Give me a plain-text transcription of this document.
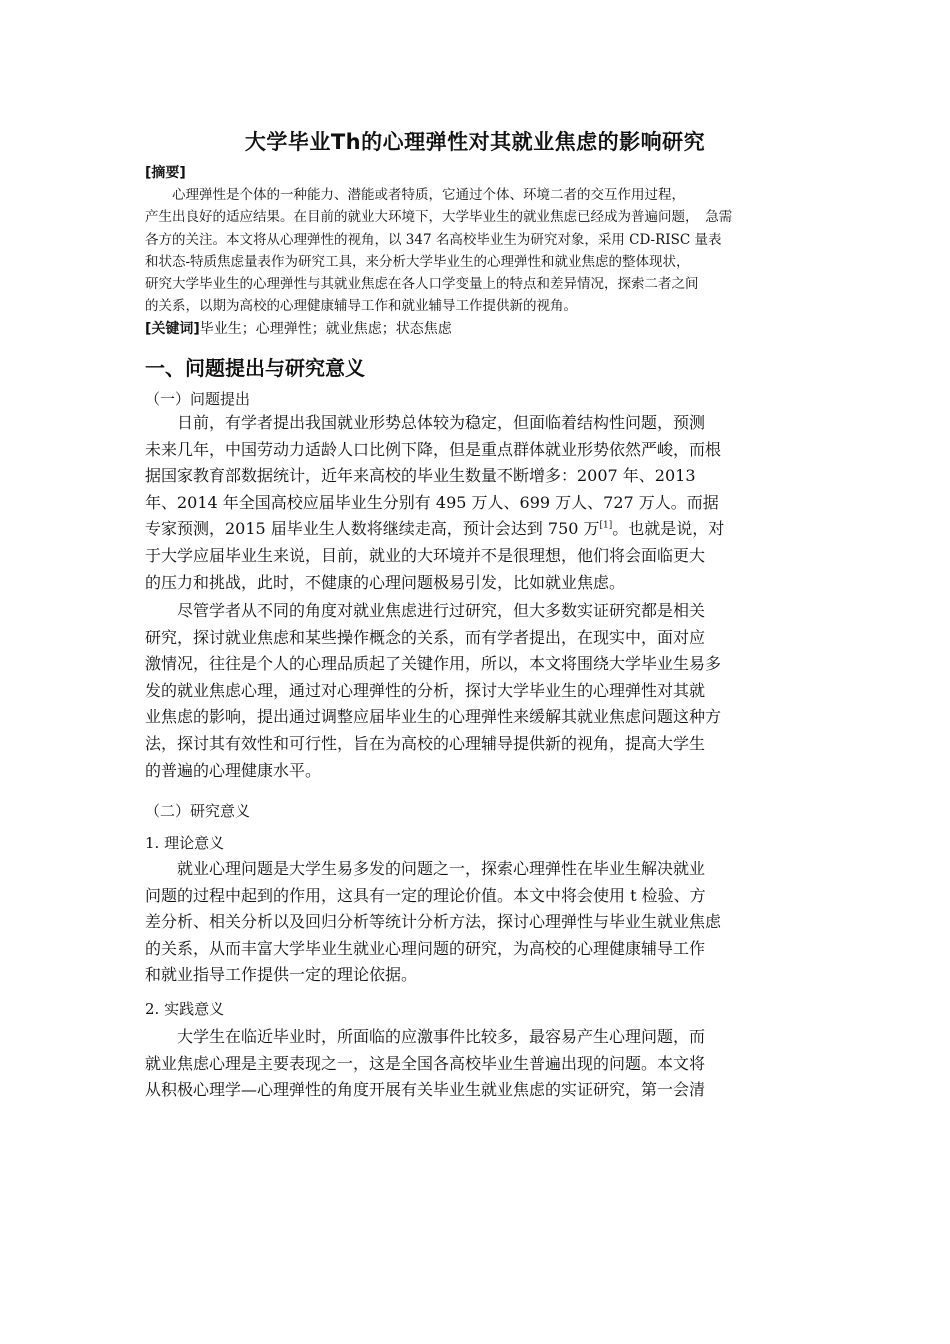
大学毕业Th的心理弹性对其就业焦虑的影响研究
[摘要]
　　心理弹性是个体的一种能力、潜能或者特质，它通过个体、环境二者的交互作用过程，
产生出良好的适应结果。在目前的就业大环境下，大学毕业生的就业焦虑已经成为普遍问题，　急需
各方的关注。本文将从心理弹性的视角，以 347 名高校毕业生为研究对象，采用 CD-RISC 量表
和状态-特质焦虑量表作为研究工具，来分析大学毕业生的心理弹性和就业焦虑的整体现状，
研究大学毕业生的心理弹性与其就业焦虑在各人口学变量上的特点和差异情况，探索二者之间
的关系，以期为高校的心理健康辅导工作和就业辅导工作提供新的视角。
[关键词]毕业生；心理弹性；就业焦虑；状态焦虑
一、问题提出与研究意义
（一）问题提出
　　日前，有学者提出我国就业形势总体较为稳定，但面临着结构性问题，预测
未来几年，中国劳动力适龄人口比例下降，但是重点群体就业形势依然严峻，而根
据国家教育部数据统计，近年来高校的毕业生数量不断增多：2007 年、2013
年、2014 年全国高校应届毕业生分别有 495 万人、699 万人、727 万人。而据
专家预测，2015 届毕业生人数将继续走高，预计会达到 750 万[1]。也就是说，对
于大学应届毕业生来说，目前，就业的大环境并不是很理想，他们将会面临更大
的压力和挑战，此时，不健康的心理问题极易引发，比如就业焦虑。
　　尽管学者从不同的角度对就业焦虑进行过研究，但大多数实证研究都是相关
研究，探讨就业焦虑和某些操作概念的关系，而有学者提出，在现实中，面对应
激情况，往往是个人的心理品质起了关键作用，所以，本文将围绕大学毕业生易多
发的就业焦虑心理，通过对心理弹性的分析，探讨大学毕业生的心理弹性对其就
业焦虑的影响，提出通过调整应届毕业生的心理弹性来缓解其就业焦虑问题这种方
法，探讨其有效性和可行性，旨在为高校的心理辅导提供新的视角，提高大学生
的普遍的心理健康水平。
（二）研究意义
1. 理论意义
　　就业心理问题是大学生易多发的问题之一，探索心理弹性在毕业生解决就业
问题的过程中起到的作用，这具有一定的理论价值。本文中将会使用 t 检验、方
差分析、相关分析以及回归分析等统计分析方法，探讨心理弹性与毕业生就业焦虑
的关系，从而丰富大学毕业生就业心理问题的研究，为高校的心理健康辅导工作
和就业指导工作提供一定的理论依据。
2. 实践意义
　　大学生在临近毕业时，所面临的应激事件比较多，最容易产生心理问题，而
就业焦虑心理是主要表现之一，这是全国各高校毕业生普遍出现的问题。本文将
从积极心理学—心理弹性的角度开展有关毕业生就业焦虑的实证研究，第一会清
